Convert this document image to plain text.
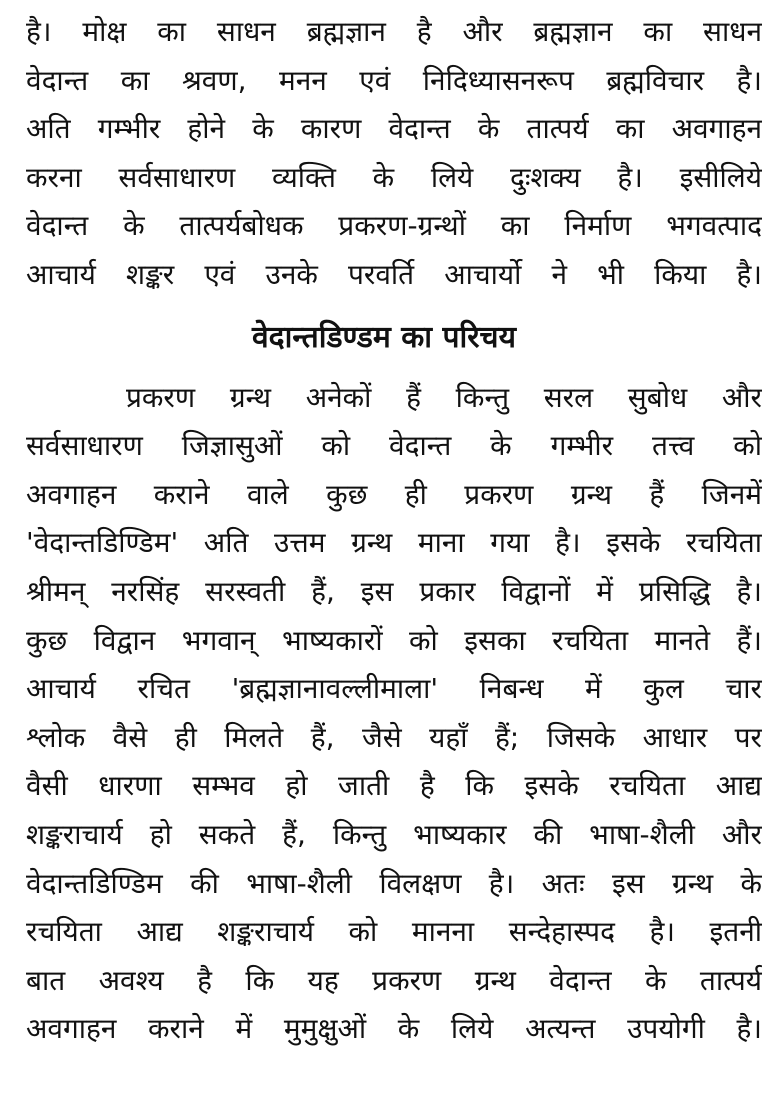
है। मोक्ष का साधन ब्रह्मज्ञान है और ब्रह्मज्ञान का साधन
वेदान्त का श्रवण, मनन एवं निदिध्यासनरूप ब्रह्मविचार है।
अति गम्भीर होने के कारण वेदान्त के तात्पर्य का अवगाहन
करना सर्वसाधारण व्यक्ति के लिये दुःशक्य है। इसीलिये
वेदान्त के तात्पर्यबोधक प्रकरण-ग्रन्थों का निर्माण भगवत्पाद
आचार्य शङ्कर एवं उनके परवर्ति आचार्यो ने भी किया है।
वेदान्तडिण्डम का परिचय
प्रकरण ग्रन्थ अनेकों हैं किन्तु सरल सुबोध और
सर्वसाधारण जिज्ञासुओं को वेदान्त के गम्भीर तत्त्व को
अवगाहन कराने वाले कुछ ही प्रकरण ग्रन्थ हैं जिनमें
'वेदान्तडिण्डिम' अति उत्तम ग्रन्थ माना गया है। इसके रचयिता
श्रीमन् नरसिंह सरस्वती हैं, इस प्रकार विद्वानों में प्रसिद्धि है।
कुछ विद्वान भगवान् भाष्यकारों को इसका रचयिता मानते हैं।
आचार्य रचित 'ब्रह्मज्ञानावल्लीमाला' निबन्ध में कुल चार
श्लोक वैसे ही मिलते हैं, जैसे यहाँ हैं; जिसके आधार पर
वैसी धारणा सम्भव हो जाती है कि इसके रचयिता आद्य
शङ्कराचार्य हो सकते हैं, किन्तु भाष्यकार की भाषा-शैली और
वेदान्तडिण्डिम की भाषा-शैली विलक्षण है। अतः इस ग्रन्थ के
रचयिता आद्य शङ्कराचार्य को मानना सन्देहास्पद है। इतनी
बात अवश्य है कि यह प्रकरण ग्रन्थ वेदान्त के तात्पर्य
अवगाहन कराने में मुमुक्षुओं के लिये अत्यन्त उपयोगी है।
